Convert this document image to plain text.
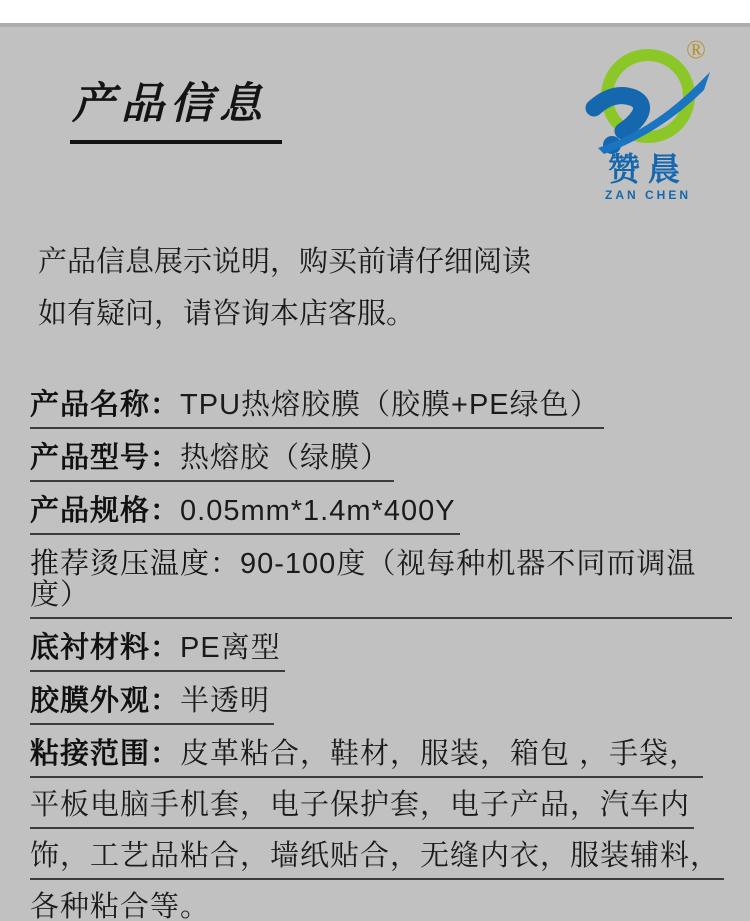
®
赞晨
ZAN CHEN
产品信息
产品信息展示说明，购买前请仔细阅读
如有疑问，请咨询本店客服。
产品名称：TPU热熔胶膜（胶膜+PE绿色）
产品型号：热熔胶（绿膜）
产品规格：0.05mm*1.4m*400Y
推荐烫压温度：90-100度（视每种机器不同而调温度）
底衬材料：PE离型
胶膜外观：半透明
粘接范围：皮革粘合，鞋材，服装，箱包 ，手袋，
平板电脑手机套，电子保护套，电子产品，汽车内
饰，工艺品粘合，墙纸贴合，无缝内衣，服装辅料，
各种粘合等。
